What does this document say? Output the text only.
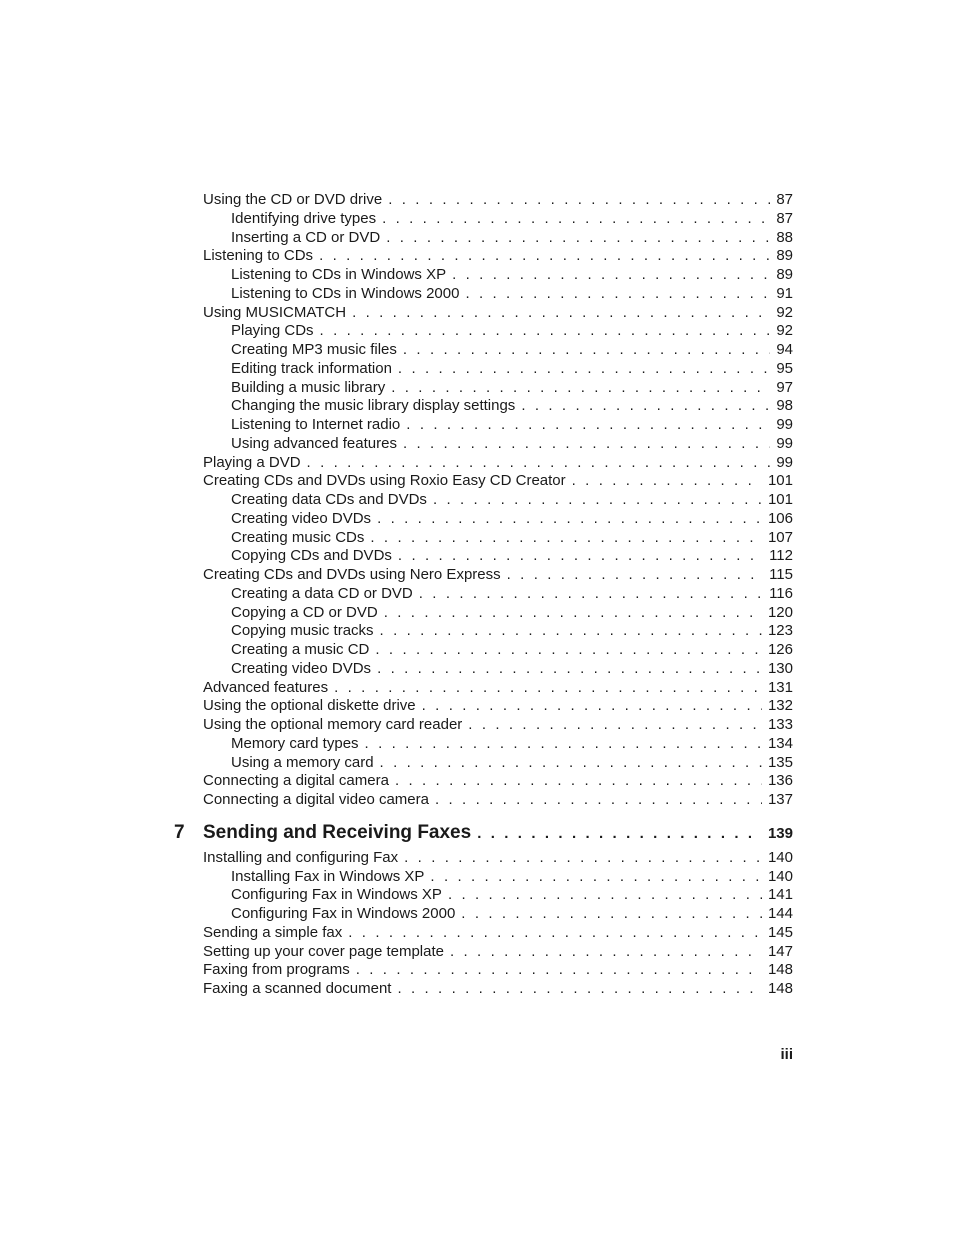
Using the CD or DVD drive . . .	87
Identifying drive types . . .	87
Inserting a CD or DVD . . .	88
Listening to CDs . . .	89
Listening to CDs in Windows XP . . .	89
Listening to CDs in Windows 2000 . . .	91
Using MUSICMATCH . . .	92
Playing CDs . . .	92
Creating MP3 music files . . .	94
Editing track information . . .	95
Building a music library . . .	97
Changing the music library display settings . . .	98
Listening to Internet radio . . .	99
Using advanced features . . .	99
Playing a DVD . . .	99
Creating CDs and DVDs using Roxio Easy CD Creator . . .	101
Creating data CDs and DVDs . . .	101
Creating video DVDs . . .	106
Creating music CDs . . .	107
Copying CDs and DVDs . . .	112
Creating CDs and DVDs using Nero Express . . .	115
Creating a data CD or DVD . . .	116
Copying a CD or DVD . . .	120
Copying music tracks . . .	123
Creating a music CD . . .	126
Creating video DVDs . . .	130
Advanced features . . .	131
Using the optional diskette drive . . .	132
Using the optional memory card reader . . .	133
Memory card types . . .	134
Using a memory card . . .	135
Connecting a digital camera . . .	136
Connecting a digital video camera . . .	137
7 Sending and Receiving Faxes . . .	139
Installing and configuring Fax . . .	140
Installing Fax in Windows XP . . .	140
Configuring Fax in Windows XP . . .	141
Configuring Fax in Windows 2000 . . .	144
Sending a simple fax . . .	145
Setting up your cover page template . . .	147
Faxing from programs . . .	148
Faxing a scanned document . . .	148
iii
